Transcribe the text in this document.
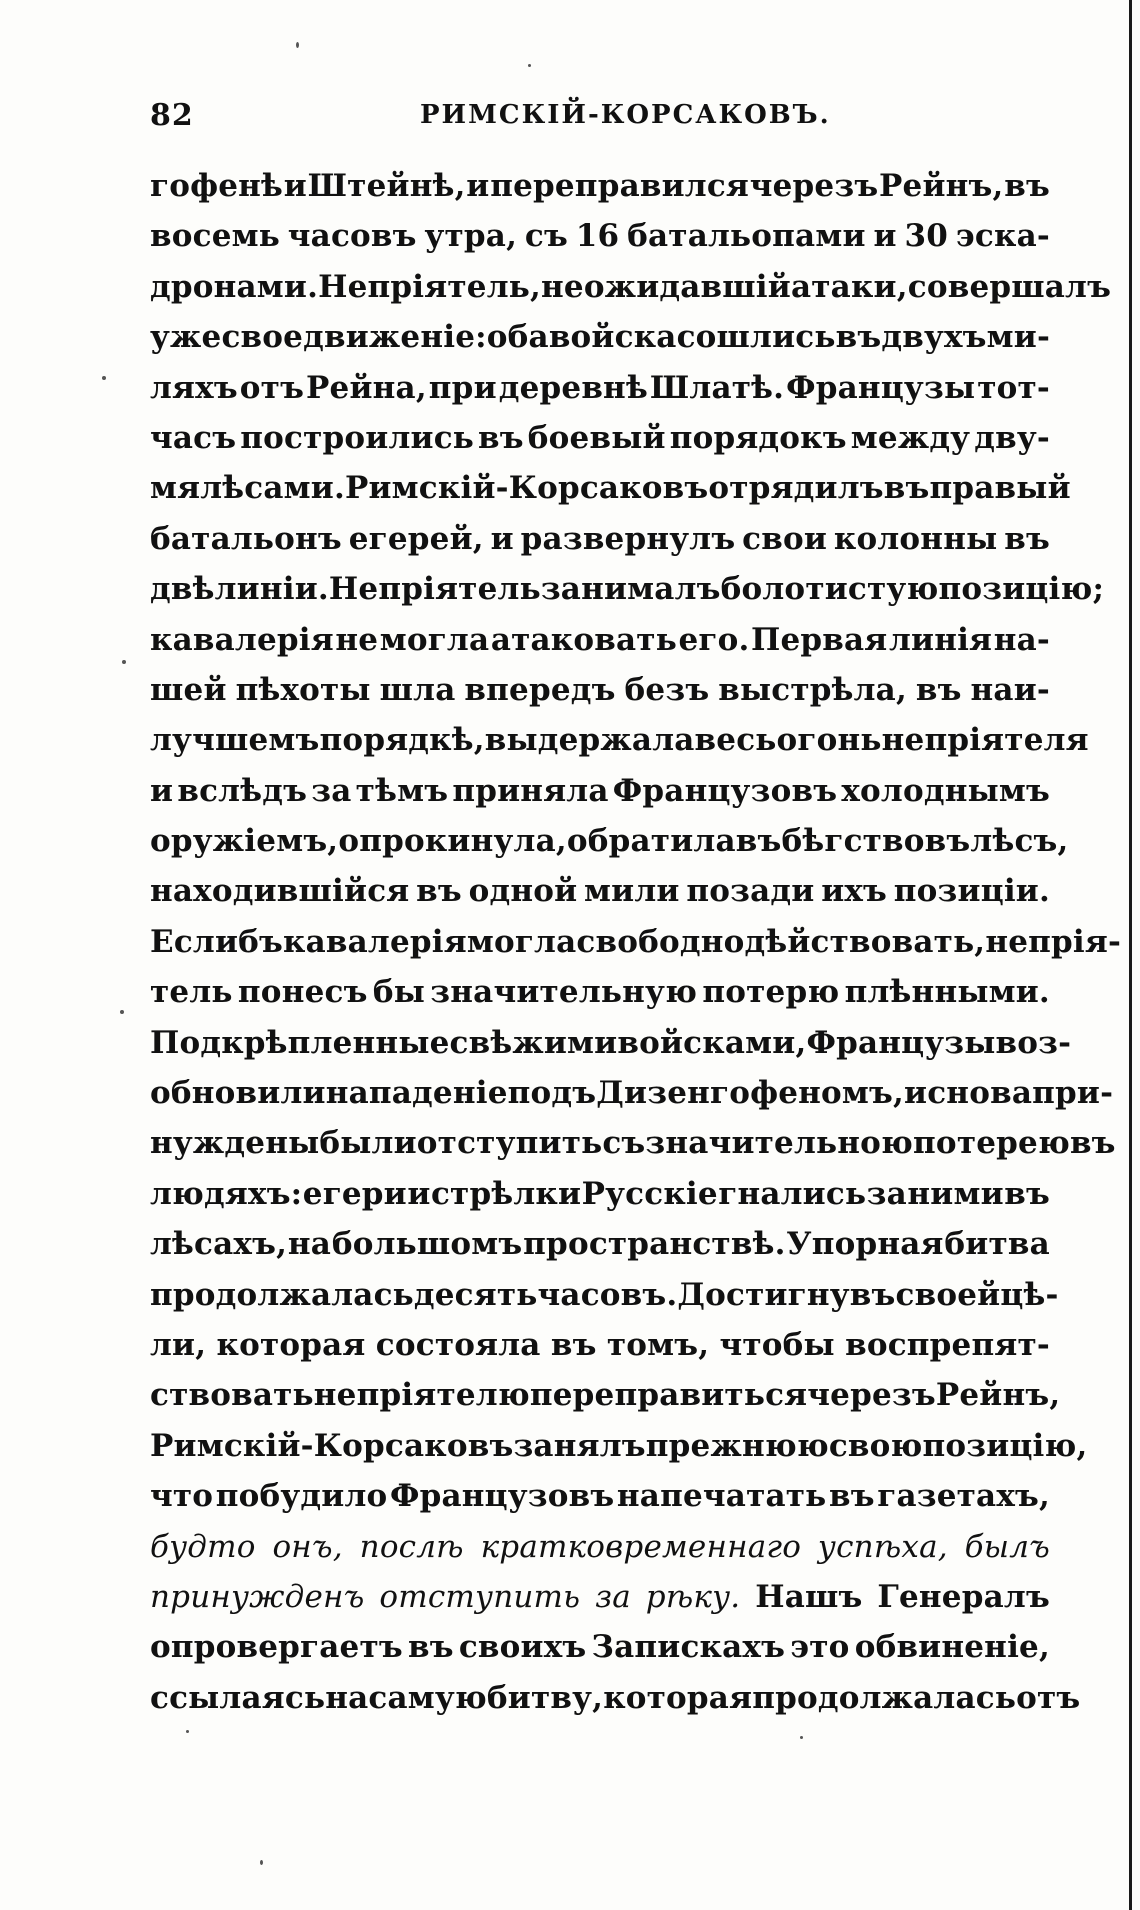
82	РИМСКІЙ-КОРСАКОВЪ.
гофенѣ и Штейнѣ, и переправился черезъ Рейнъ, въ
восемь часовъ утра, съ 16 батальопами и 30 эска-
дронами. Непріятель, не ожидавшій атаки, совершалъ
уже свое движеніе: оба войска сошлись въ двухъ ми-
ляхъ отъ Рейна, при деревнѣ Шлатѣ. Французы тот-
часъ построились въ боевый порядокъ между дву-
мя лѣсами. Римскій-Корсаковъ отрядилъ въ правый
батальонъ егерей, и развернулъ свои колонны въ
двѣ линіи. Непріятель занималъ болотистую позицію;
кавалерія не могла атаковать его. Первая линія на-
шей пѣхоты шла впередъ безъ выстрѣла, въ наи-
лучшемъ порядкѣ, выдержала весь огонь непріятеля
и вслѣдъ за тѣмъ приняла Французовъ холоднымъ
оружіемъ, опрокинула, обратила въ бѣгство въ лѣсъ,
находившійся въ одной мили позади ихъ позиціи.
Еслибъ кавалерія могла свободно дѣйствовать, непрія-
тель понесъ бы значительную потерю плѣнными.
Подкрѣпленные свѣжими войсками, Французы воз-
обновили нападеніе подъ Дизенгофеномъ, и снова при-
нуждены были отступить съ значительною потерею въ
людяхъ: егери и стрѣлки Русскіе гнались за ними въ
лѣсахъ, на большомъ пространствѣ. Упорная битва
продолжалась десять часовъ. Достигнувъ своей цѣ-
ли, которая состояла въ томъ, чтобы воспрепят-
ствовать непріятелю переправиться черезъ Рейнъ,
Римскій-Корсаковъ занялъ прежнюю свою позицію,
что побудило Французовъ напечатать въ газетахъ,
будто онъ, послѣ кратковременнаго успѣха, былъ
принужденъ отступить за рѣку. Нашъ Генералъ
опровергаетъ въ своихъ Запискахъ это обвиненіе,
ссылаясь на самую битву, которая продолжалась отъ
